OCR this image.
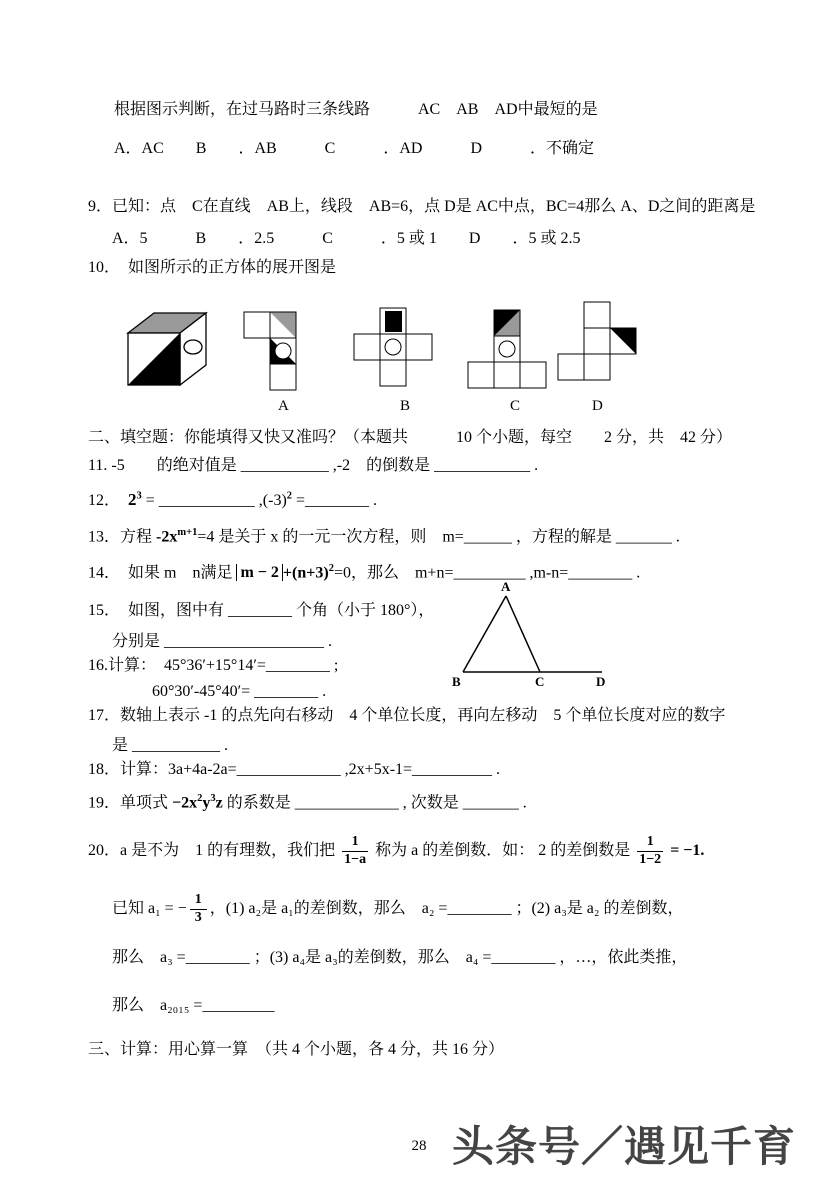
根据图示判断，在过马路时三条线路　　　AC　AB　AD中最短的是
A．AC　　B　　．AB　　　C　　　．AD　　　D　　　．不确定
9．已知：点　C在直线　AB上，线段　AB=6，点 D是 AC中点，BC=4那么 A、D之间的距离是
A．5　　　B　　．2.5　　　C　　　．5 或 1　　D　　．5 或 2.5
10．　如图所示的正方体的展开图是
A	B	C	D
二、填空题：你能填得又快又准吗？（本题共　　　10 个小题，每空　　2 分，共　42 分）
11. -5　　的绝对值是 ___________ ,-2　的倒数是 ____________ .
12．　$2^3$ = ____________ $,(-3)^2$ =________ .
13．方程 $-2x^{m+1}=4$ 是关于 x 的一元一次方程，则　m=______ ，方程的解是 _______ .
14．　如果 m　n满足 $m - 2 +(n+3)^2=0$，那么　m+n=_________ ,m-n=________ .
15．　如图，图中有 ________ 个角（小于 180°），
分别是 ____________________ .
A
B	C	D
16.计算：　45°36′+15°14′=________ ;
60°30′-45°40′= ________ .
17．数轴上表示 -1 的点先向右移动　4 个单位长度，再向左移动　5 个单位长度对应的数字
是 ___________ .
18．计算：3a+4a-2a=_____________ ,2x+5x-1=__________ .
19．单项式 $-2x^2y^3z$ 的系数是 _____________ , 次数是 _______ .
20．a 是不为　1 的有理数，我们把 $\frac{1}{1-a}$ 称为 a 的差倒数．如： 2 的差倒数是 $\frac{1}{1-2} = -1$.
已知 a₁ = − $\frac{1}{3}$ ，(1) a₂是 a₁的差倒数，那么　a₂ =________ ；(2) a₃是 a₂ 的差倒数，
那么　a₃ =________ ；(3) a₄是 a₃的差倒数，那么　a₄ =________ ，…，依此类推，
那么　a₂₀₁₅ =_________
三、计算：用心算一算　（共 4 个小题，各 4 分，共 16 分）
28 头条号／遇见千育
